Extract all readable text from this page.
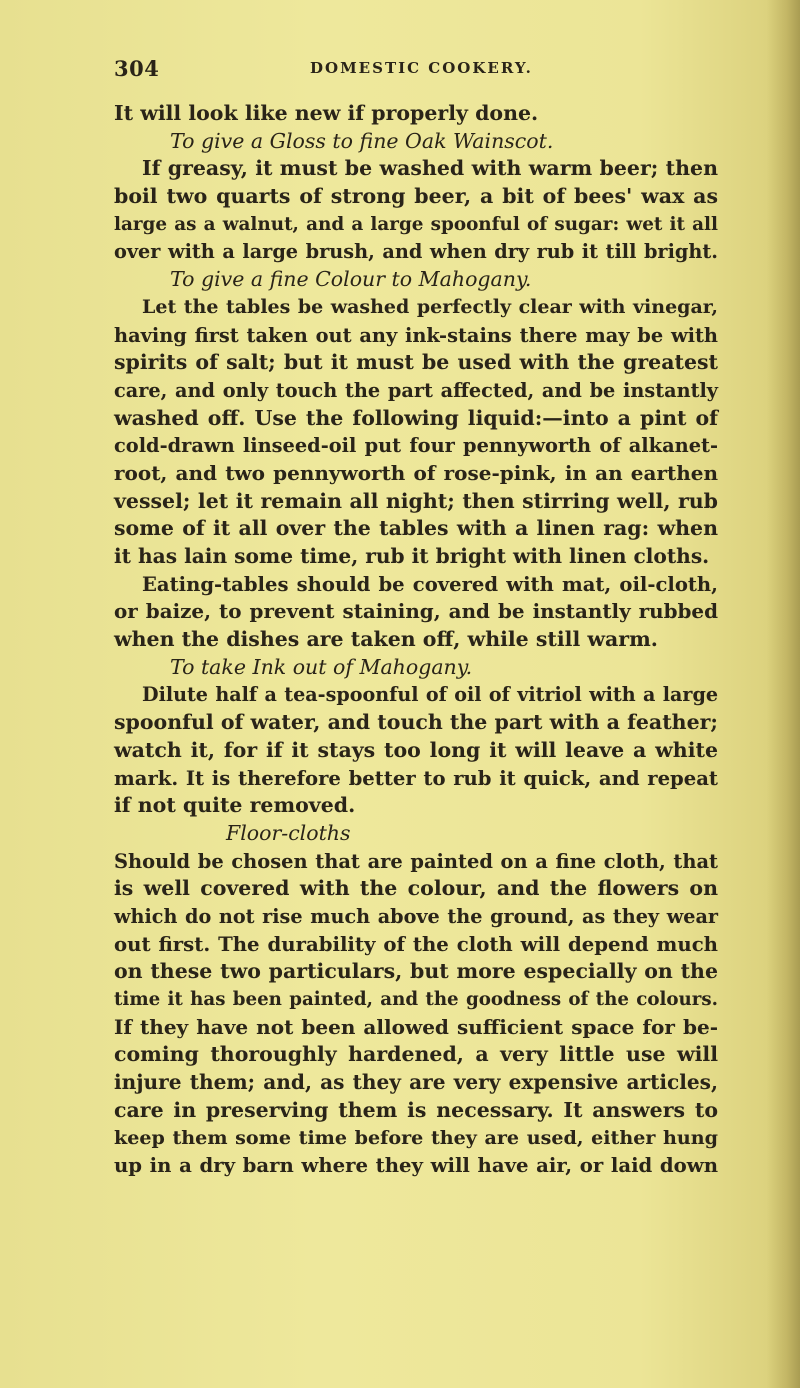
304	DOMESTIC COOKERY.
It will look like new if properly done.
To give a Gloss to fine Oak Wainscot.
If greasy, it must be washed with warm beer; then
boil two quarts of strong beer, a bit of bees' wax as
large as a walnut, and a large spoonful of sugar: wet it all
over with a large brush, and when dry rub it till bright.
To give a fine Colour to Mahogany.
Let the tables be washed perfectly clear with vinegar,
having first taken out any ink-stains there may be with
spirits of salt; but it must be used with the greatest
care, and only touch the part affected, and be instantly
washed off. Use the following liquid:—into a pint of
cold-drawn linseed-oil put four pennyworth of alkanet-
root, and two pennyworth of rose-pink, in an earthen
vessel; let it remain all night; then stirring well, rub
some of it all over the tables with a linen rag: when
it has lain some time, rub it bright with linen cloths.
Eating-tables should be covered with mat, oil-cloth,
or baize, to prevent staining, and be instantly rubbed
when the dishes are taken off, while still warm.
To take Ink out of Mahogany.
Dilute half a tea-spoonful of oil of vitriol with a large
spoonful of water, and touch the part with a feather;
watch it, for if it stays too long it will leave a white
mark. It is therefore better to rub it quick, and repeat
if not quite removed.
Floor-cloths
Should be chosen that are painted on a fine cloth, that
is well covered with the colour, and the flowers on
which do not rise much above the ground, as they wear
out first. The durability of the cloth will depend much
on these two particulars, but more especially on the
time it has been painted, and the goodness of the colours.
If they have not been allowed sufficient space for be-
coming thoroughly hardened, a very little use will
injure them; and, as they are very expensive articles,
care in preserving them is necessary. It answers to
keep them some time before they are used, either hung
up in a dry barn where they will have air, or laid down
